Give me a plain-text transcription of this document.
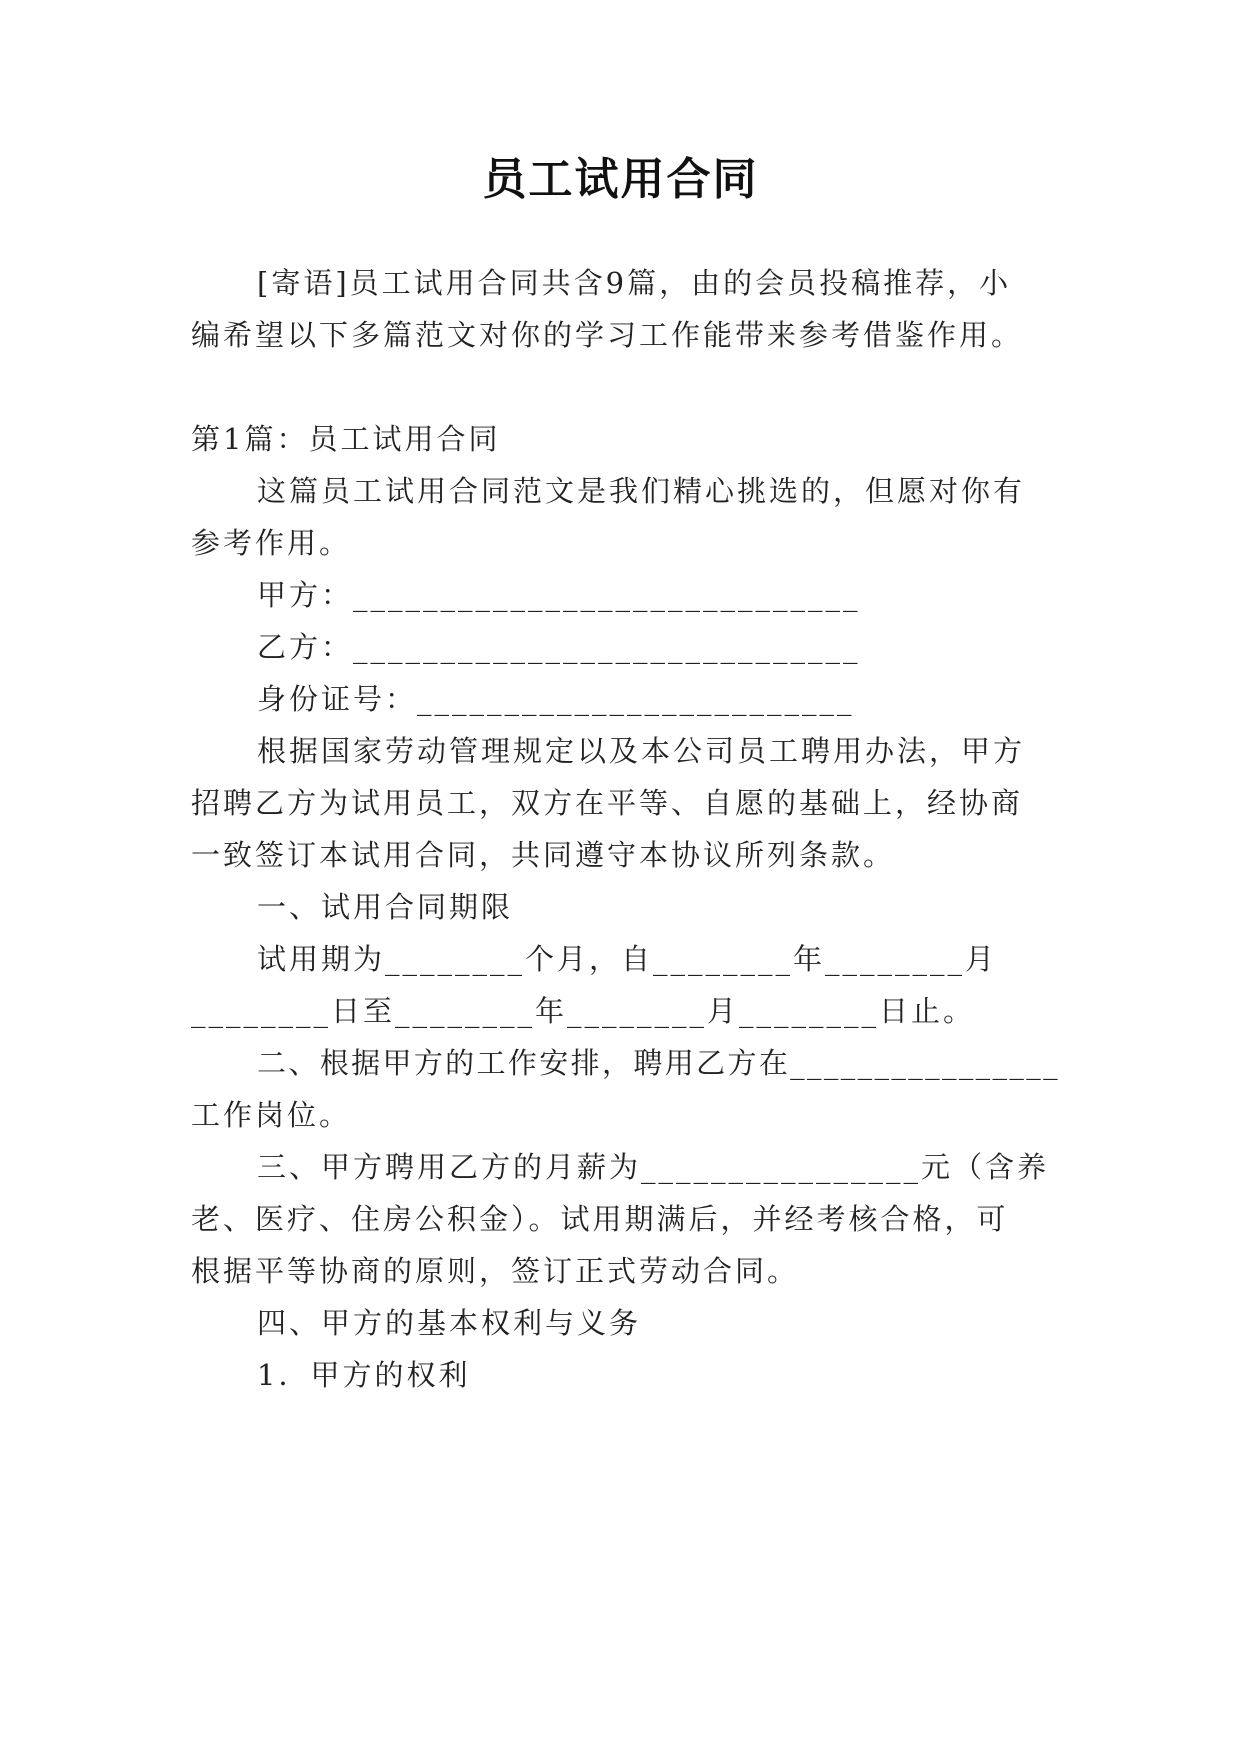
员工试用合同
[寄语]员工试用合同共含9篇，由的会员投稿推荐，小
编希望以下多篇范文对你的学习工作能带来参考借鉴作用。
第1篇：员工试用合同
这篇员工试用合同范文是我们精心挑选的，但愿对你有
参考作用。
甲方：_____________________________
乙方：_____________________________
身份证号：_________________________
根据国家劳动管理规定以及本公司员工聘用办法，甲方
招聘乙方为试用员工，双方在平等、自愿的基础上，经协商
一致签订本试用合同，共同遵守本协议所列条款。
一、试用合同期限
试用期为________个月，自________年________月
________日至________年________月________日止。
二、根据甲方的工作安排，聘用乙方在________________
工作岗位。
三、甲方聘用乙方的月薪为________________元（含养
老、医疗、住房公积金）。试用期满后，并经考核合格，可
根据平等协商的原则，签订正式劳动合同。
四、甲方的基本权利与义务
1．甲方的权利
